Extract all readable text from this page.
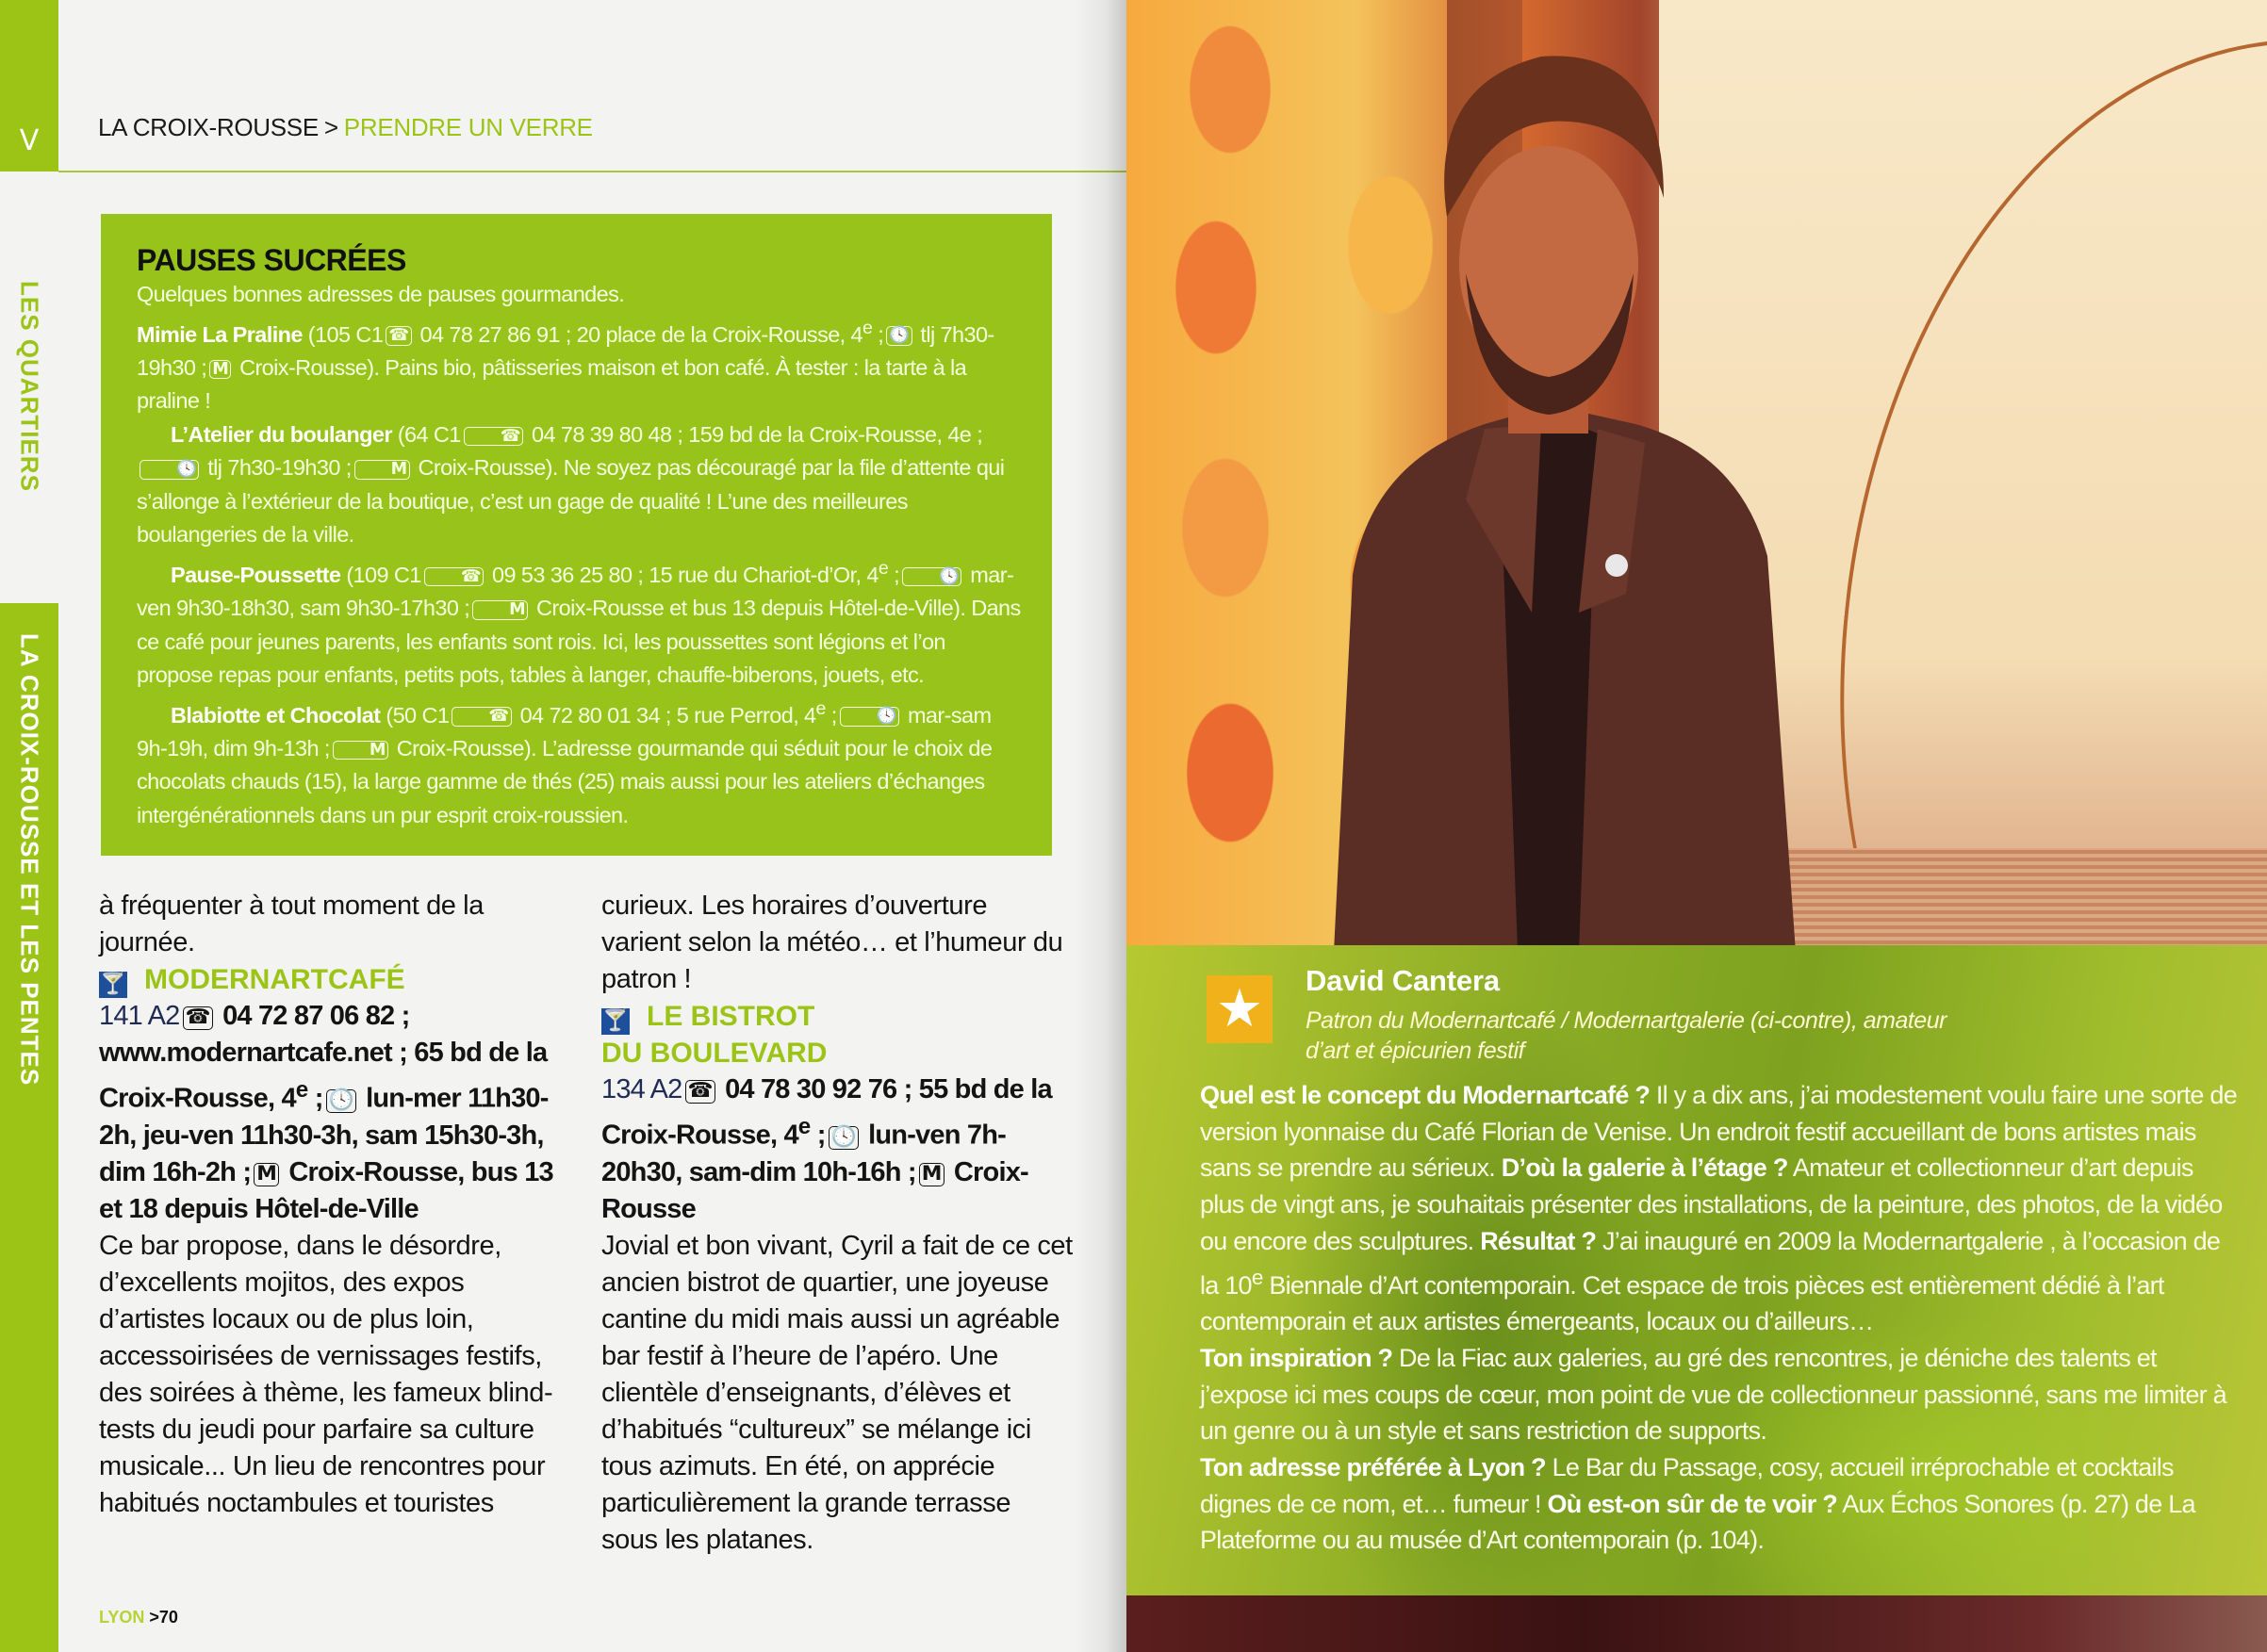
V	LA CROIX-ROUSSE > PRENDRE UN VERRE
LES QUARTIERS
LA CROIX-ROUSSE ET LES PENTES
PAUSES SUCRÉES

Quelques bonnes adresses de pauses gourmandes.

Mimie La Praline (105 C1 ☎ 04 78 27 86 91 ; 20 place de la Croix-Rousse, 4e ; 🕓 tlj 7h30-19h30 ; M Croix-Rousse). Pains bio, pâtisseries maison et bon café. À tester : la tarte à la praline !

L’Atelier du boulanger (64 C1 ☎ 04 78 39 80 48 ; 159 bd de la Croix-Rousse, 4e ;🕓 tlj 7h30-19h30 ; M Croix-Rousse). Ne soyez pas découragé par la file d’attente qui s’allonge à l’extérieur de la boutique, c’est un gage de qualité ! L’une des meilleures boulangeries de la ville.

Pause-Poussette (109 C1 ☎ 09 53 36 25 80 ; 15 rue du Chariot-d’Or, 4e ; 🕓 mar-ven 9h30-18h30, sam 9h30-17h30 ; M Croix-Rousse et bus 13 depuis Hôtel-de-Ville). Dans ce café pour jeunes parents, les enfants sont rois. Ici, les poussettes sont légions et l’on propose repas pour enfants, petits pots, tables à langer, chauffe-biberons, jouets, etc.

Blabiotte et Chocolat (50 C1 ☎ 04 72 80 01 34 ; 5 rue Perrod, 4e ; 🕓 mar-sam 9h-19h, dim 9h-13h ; M Croix-Rousse). L’adresse gourmande qui séduit pour le choix de chocolats chauds (15), la large gamme de thés (25) mais aussi pour les ateliers d’échanges intergénérationnels dans un pur esprit croix-roussien.

à fréquenter à tout moment de la journée.

🍸 MODERNARTCAFÉ

141 A2 ☎ 04 72 87 06 82 ; www.modernartcafe.net ; 65 bd de la Croix-Rousse, 4e ; 🕓 lun-mer 11h30-2h, jeu-ven 11h30-3h, sam 15h30-3h, dim 16h-2h ; M Croix-Rousse, bus 13 et 18 depuis Hôtel-de-Ville

Ce bar propose, dans le désordre, d’excellents mojitos, des expos d’artistes locaux ou de plus loin, accessoirisées de vernissages festifs, des soirées à thème, les fameux blind-tests du jeudi pour parfaire sa culture musicale... Un lieu de rencontres pour habitués noctambules et touristes

curieux. Les horaires d’ouverture varient selon la météo… et l’humeur du patron !

🍸 LE BISTROT
DU BOULEVARD

134 A2 ☎ 04 78 30 92 76 ; 55 bd de la Croix-Rousse, 4e ; 🕓 lun-ven 7h-20h30, sam-dim 10h-16h ; M Croix-Rousse

Jovial et bon vivant, Cyril a fait de ce cet ancien bistrot de quartier, une joyeuse cantine du midi mais aussi un agréable bar festif à l’heure de l’apéro. Une clientèle d’enseignants, d’élèves et d’habitués “cultureux” se mélange ici tous azimuts. En été, on apprécie particulièrement la grande terrasse sous les platanes.

LYON >70
★	David Cantera
Patron du Modernartcafé / Modernartgalerie (ci-contre), amateur d’art et épicurien festif

Quel est le concept du Modernartcafé ? Il y a dix ans, j’ai modestement voulu faire une sorte de version lyonnaise du Café Florian de Venise. Un endroit festif accueillant de bons artistes mais sans se prendre au sérieux. D’où la galerie à l’étage ? Amateur et collectionneur d’art depuis plus de vingt ans, je souhaitais présenter des installations, de la peinture, des photos, de la vidéo ou encore des sculptures. Résultat ? J’ai inauguré en 2009 la Modernartgalerie , à l’occasion de la 10e Biennale d’Art contemporain. Cet espace de trois pièces est entièrement dédié à l’art contemporain et aux artistes émergeants, locaux ou d’ailleurs…
Ton inspiration ? De la Fiac aux galeries, au gré des rencontres, je déniche des talents et j’expose ici mes coups de cœur, mon point de vue de collectionneur passionné, sans me limiter à un genre ou à un style et sans restriction de supports.
Ton adresse préférée à Lyon ? Le Bar du Passage, cosy, accueil irréprochable et cocktails dignes de ce nom, et… fumeur ! Où est-on sûr de te voir ? Aux Échos Sonores (p. 27) de La Plateforme ou au musée d’Art contemporain (p. 104).
